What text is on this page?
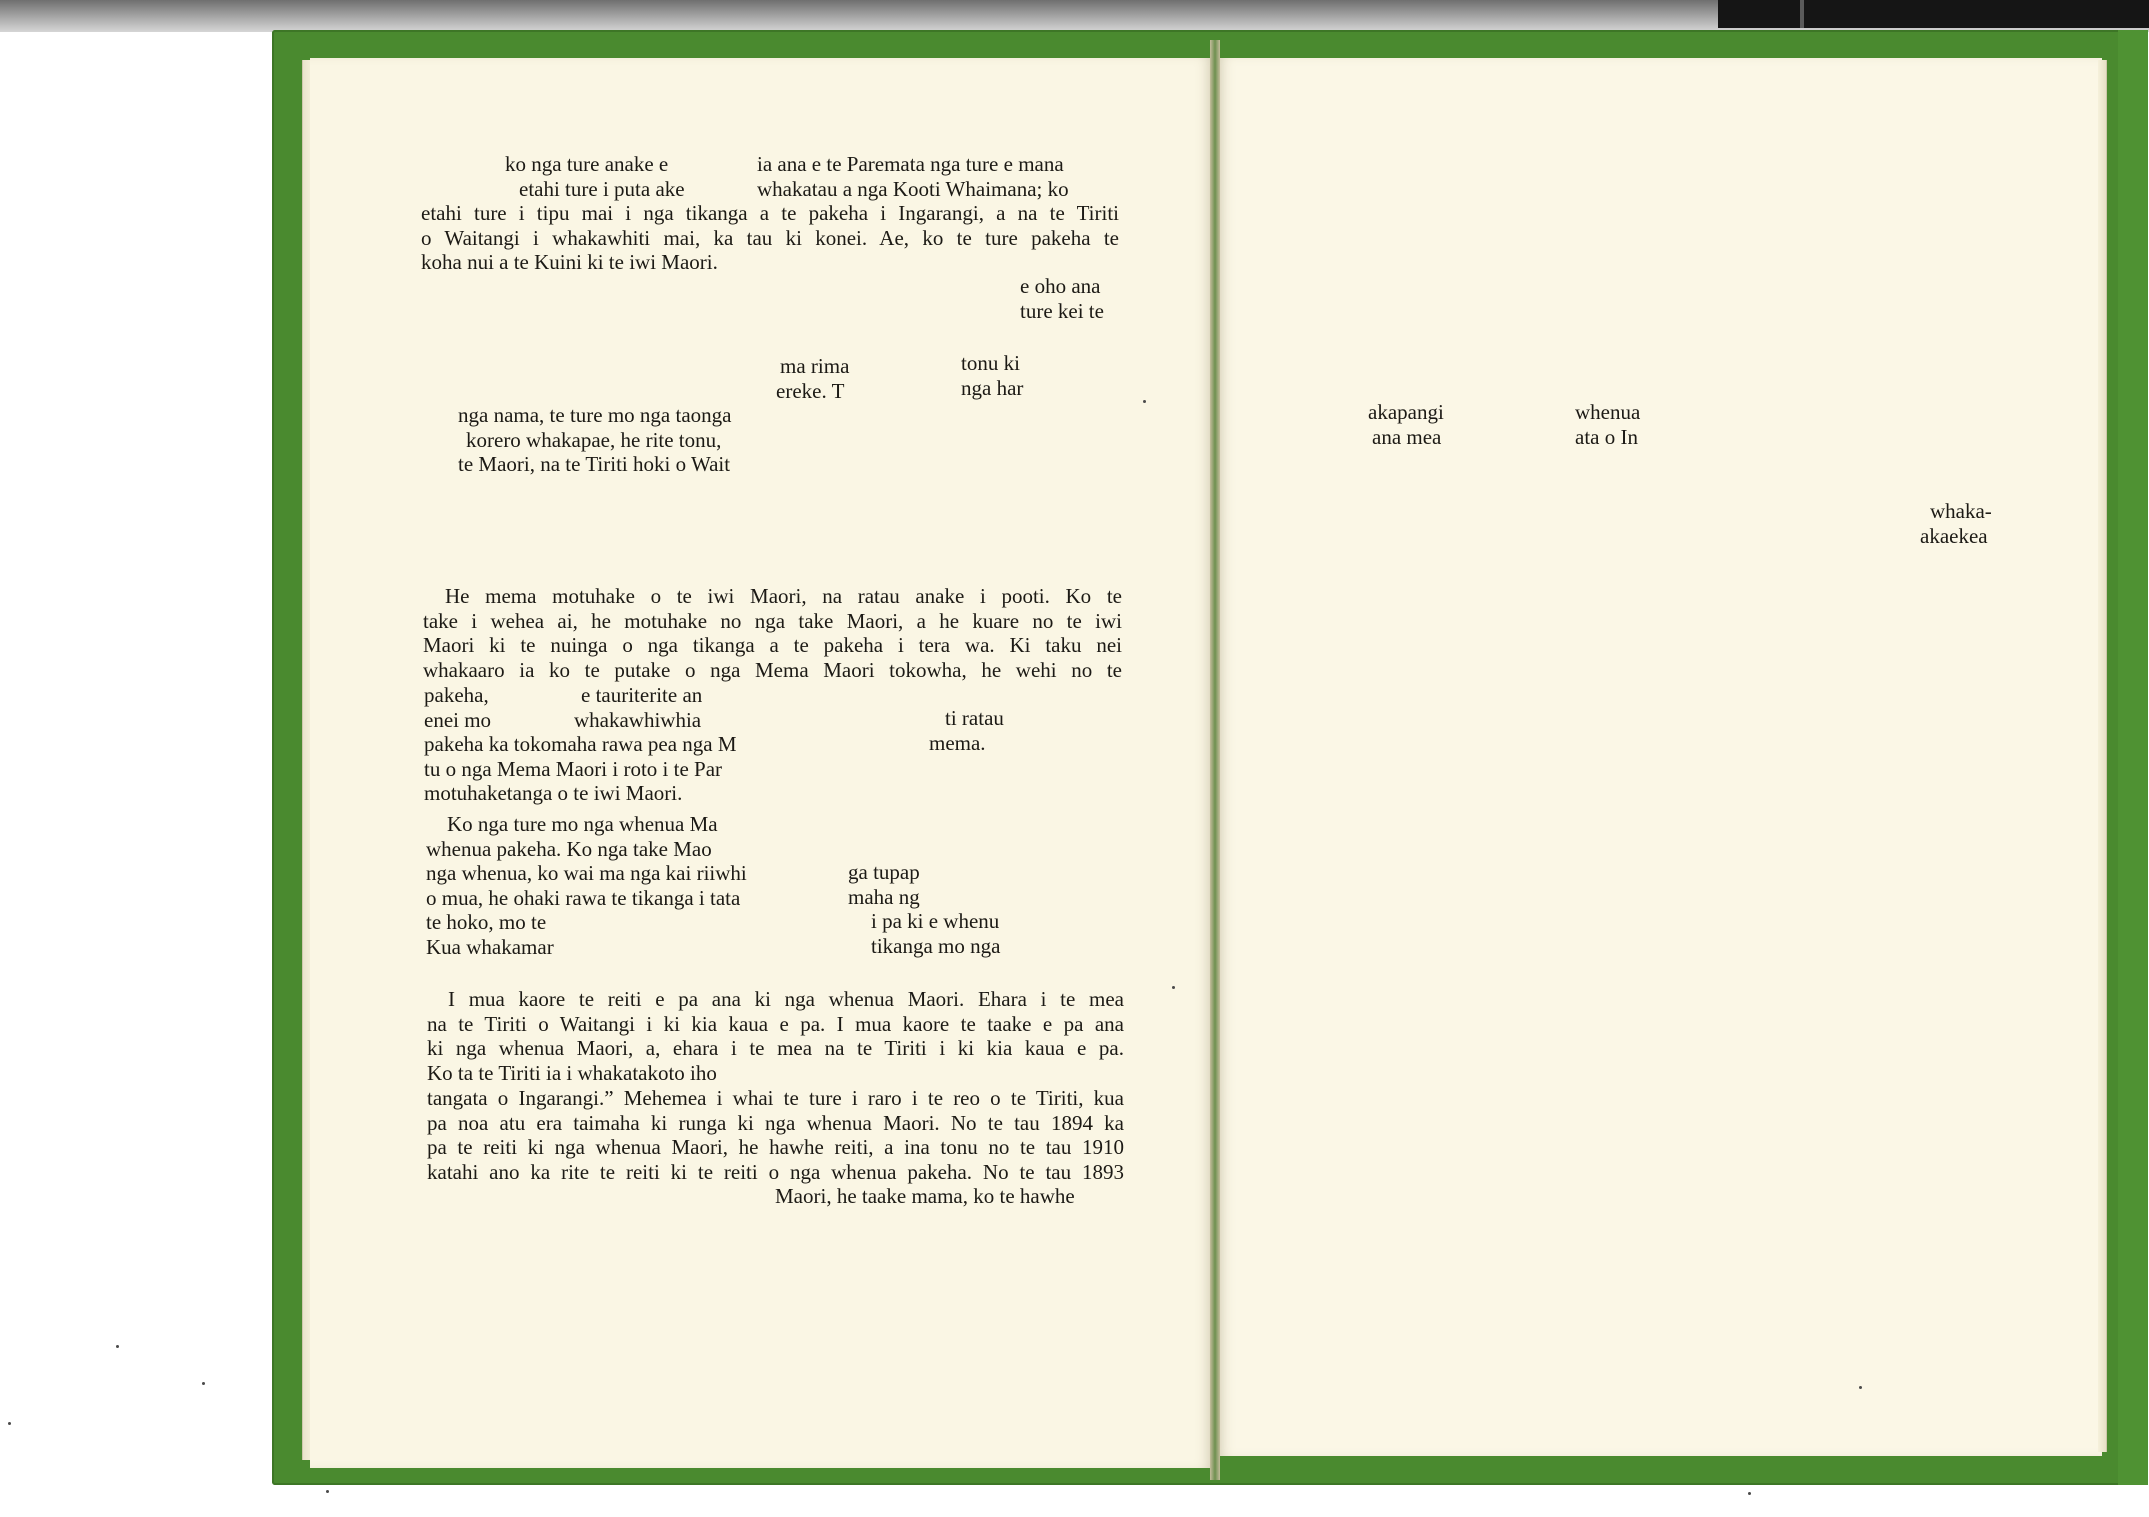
ko nga ture anake e
etahi ture i puta ake
ia ana e te Paremata nga ture e mana
whakatau a nga Kooti Whaimana; ko
etahi ture i tipu mai i nga tikanga a te pakeha i Ingarangi, a na te Tiriti
o Waitangi i whakawhiti mai, ka tau ki konei. Ae, ko te ture pakeha te
koha nui a te Kuini ki te iwi Maori.
e oho ana
ture kei te
ma rima
ereke. T
tonu ki
nga har
nga nama, te ture mo nga taonga
korero whakapae, he rite tonu,
te Maori, na te Tiriti hoki o Wait
He mema motuhake o te iwi Maori, na ratau anake i pooti. Ko te
take i wehea ai, he motuhake no nga take Maori, a he kuare no te iwi
Maori ki te nuinga o nga tikanga a te pakeha i tera wa. Ki taku nei
whakaaro ia ko te putake o nga Mema Maori tokowha, he wehi no te
pakeha,
enei mo
pakeha ka tokomaha rawa pea nga M
tu o nga Mema Maori i roto i te Par
motuhaketanga o te iwi Maori.
e tauriterite an
whakawhiwhia	ti ratau
mema.
Ko nga ture mo nga whenua Ma
whenua pakeha. Ko nga take Mao
nga whenua, ko wai ma nga kai riiwhi
o mua, he ohaki rawa te tikanga i tata
te hoko, mo te
Kua whakamar
ga tupap
maha ng
i pa ki e whenu
tikanga mo nga
I mua kaore te reiti e pa ana ki nga whenua Maori. Ehara i te mea
na te Tiriti o Waitangi i ki kia kaua e pa. I mua kaore te taake e pa ana
ki nga whenua Maori, a, ehara i te mea na te Tiriti i ki kia kaua e pa.

Ko ta te Tiriti ia i whakatakoto iho

tangata o Ingarangi.” Mehemea i whai te ture i raro i te reo o te Tiriti, kua
pa noa atu era taimaha ki runga ki nga whenua Maori. No te tau 1894 ka
pa te reiti ki nga whenua Maori, he hawhe reiti, a ina tonu no te tau 1910
katahi ano ka rite te reiti ki te reiti o nga whenua pakeha. No te tau 1893

Maori, he taake mama, ko te hawhe

akapangi
ana mea
whenua
ata o In
whaka-
akaekea
